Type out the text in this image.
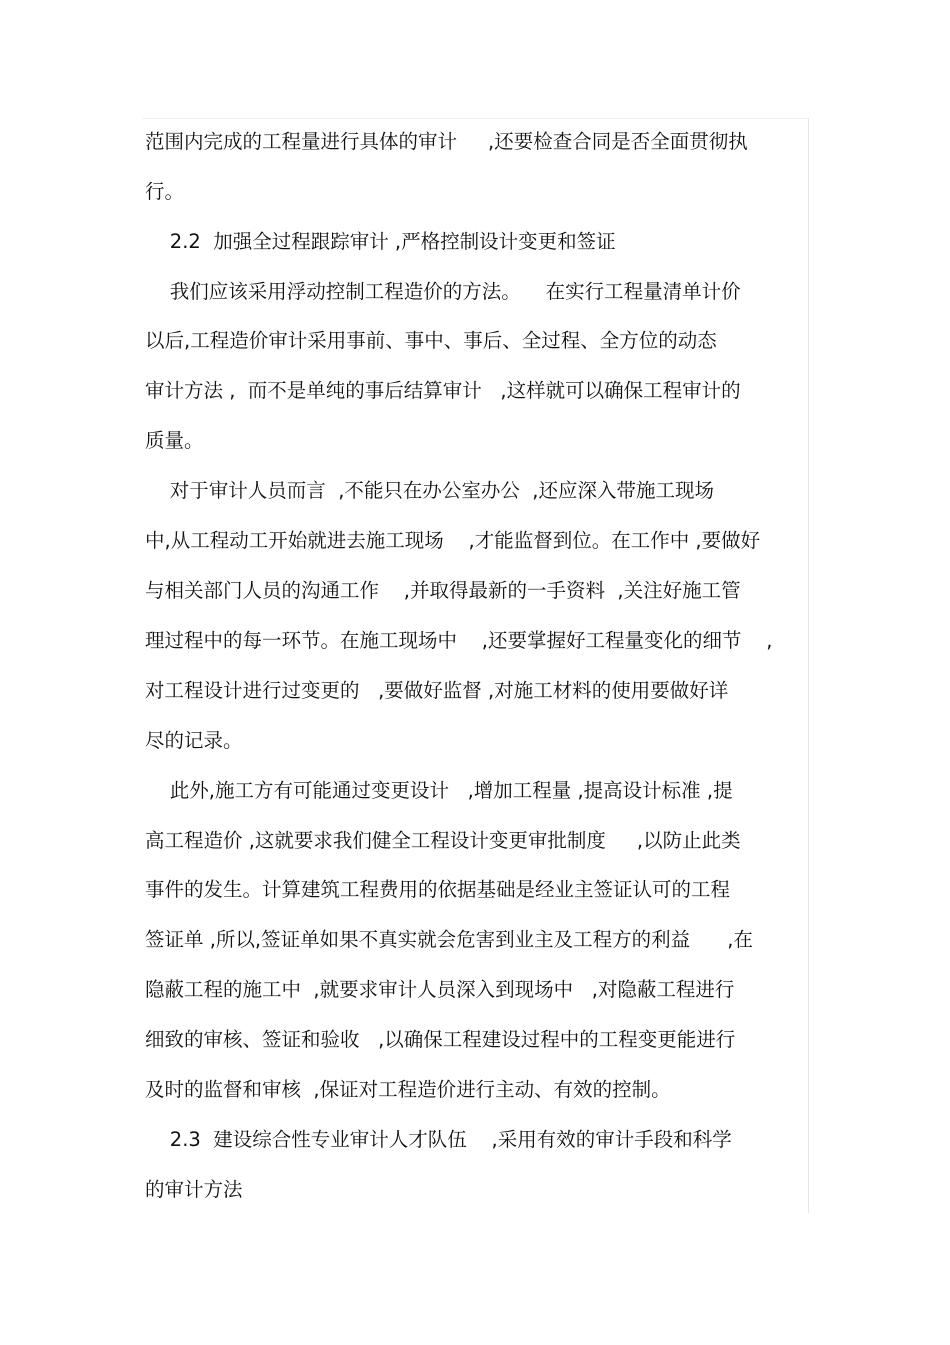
范围内完成的工程量进行具体的审计     ,还要检查合同是否全面贯彻执
行。
2.2  加强全过程跟踪审计 ,严格控制设计变更和签证
我们应该采用浮动控制工程造价的方法。    在实行工程量清单计价
以后,工程造价审计采用事前、事中、事后、全过程、全方位的动态
审计方法 ,  而不是单纯的事后结算审计   ,这样就可以确保工程审计的
质量。
对于审计人员而言  ,不能只在办公室办公  ,还应深入带施工现场
中,从工程动工开始就进去施工现场    ,才能监督到位。在工作中 ,要做好
与相关部门人员的沟通工作    ,并取得最新的一手资料  ,关注好施工管
理过程中的每一环节。在施工现场中    ,还要掌握好工程量变化的细节    ,
对工程设计进行过变更的   ,要做好监督 ,对施工材料的使用要做好详
尽的记录。
此外,施工方有可能通过变更设计   ,增加工程量 ,提高设计标准 ,提
高工程造价 ,这就要求我们健全工程设计变更审批制度     ,以防止此类
事件的发生。计算建筑工程费用的依据基础是经业主签证认可的工程
签证单 ,所以,签证单如果不真实就会危害到业主及工程方的利益      ,在
隐蔽工程的施工中  ,就要求审计人员深入到现场中   ,对隐蔽工程进行
细致的审核、签证和验收   ,以确保工程建设过程中的工程变更能进行
及时的监督和审核  ,保证对工程造价进行主动、有效的控制。
2.3  建设综合性专业审计人才队伍    ,采用有效的审计手段和科学
的审计方法
